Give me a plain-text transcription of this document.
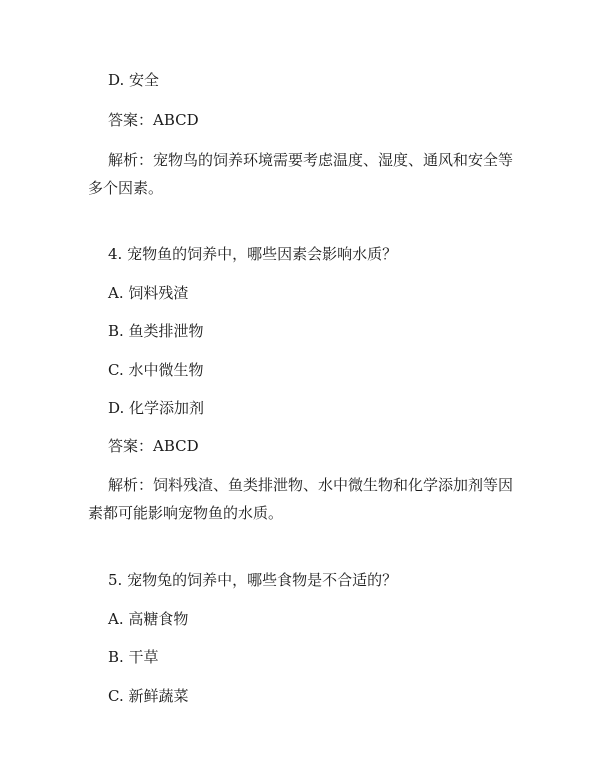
D. 安全
答案：ABCD
解析：宠物鸟的饲养环境需要考虑温度、湿度、通风和安全等
多个因素。
4. 宠物鱼的饲养中，哪些因素会影响水质？
A. 饲料残渣
B. 鱼类排泄物
C. 水中微生物
D. 化学添加剂
答案：ABCD
解析：饲料残渣、鱼类排泄物、水中微生物和化学添加剂等因
素都可能影响宠物鱼的水质。
5. 宠物兔的饲养中，哪些食物是不合适的？
A. 高糖食物
B. 干草
C. 新鲜蔬菜
